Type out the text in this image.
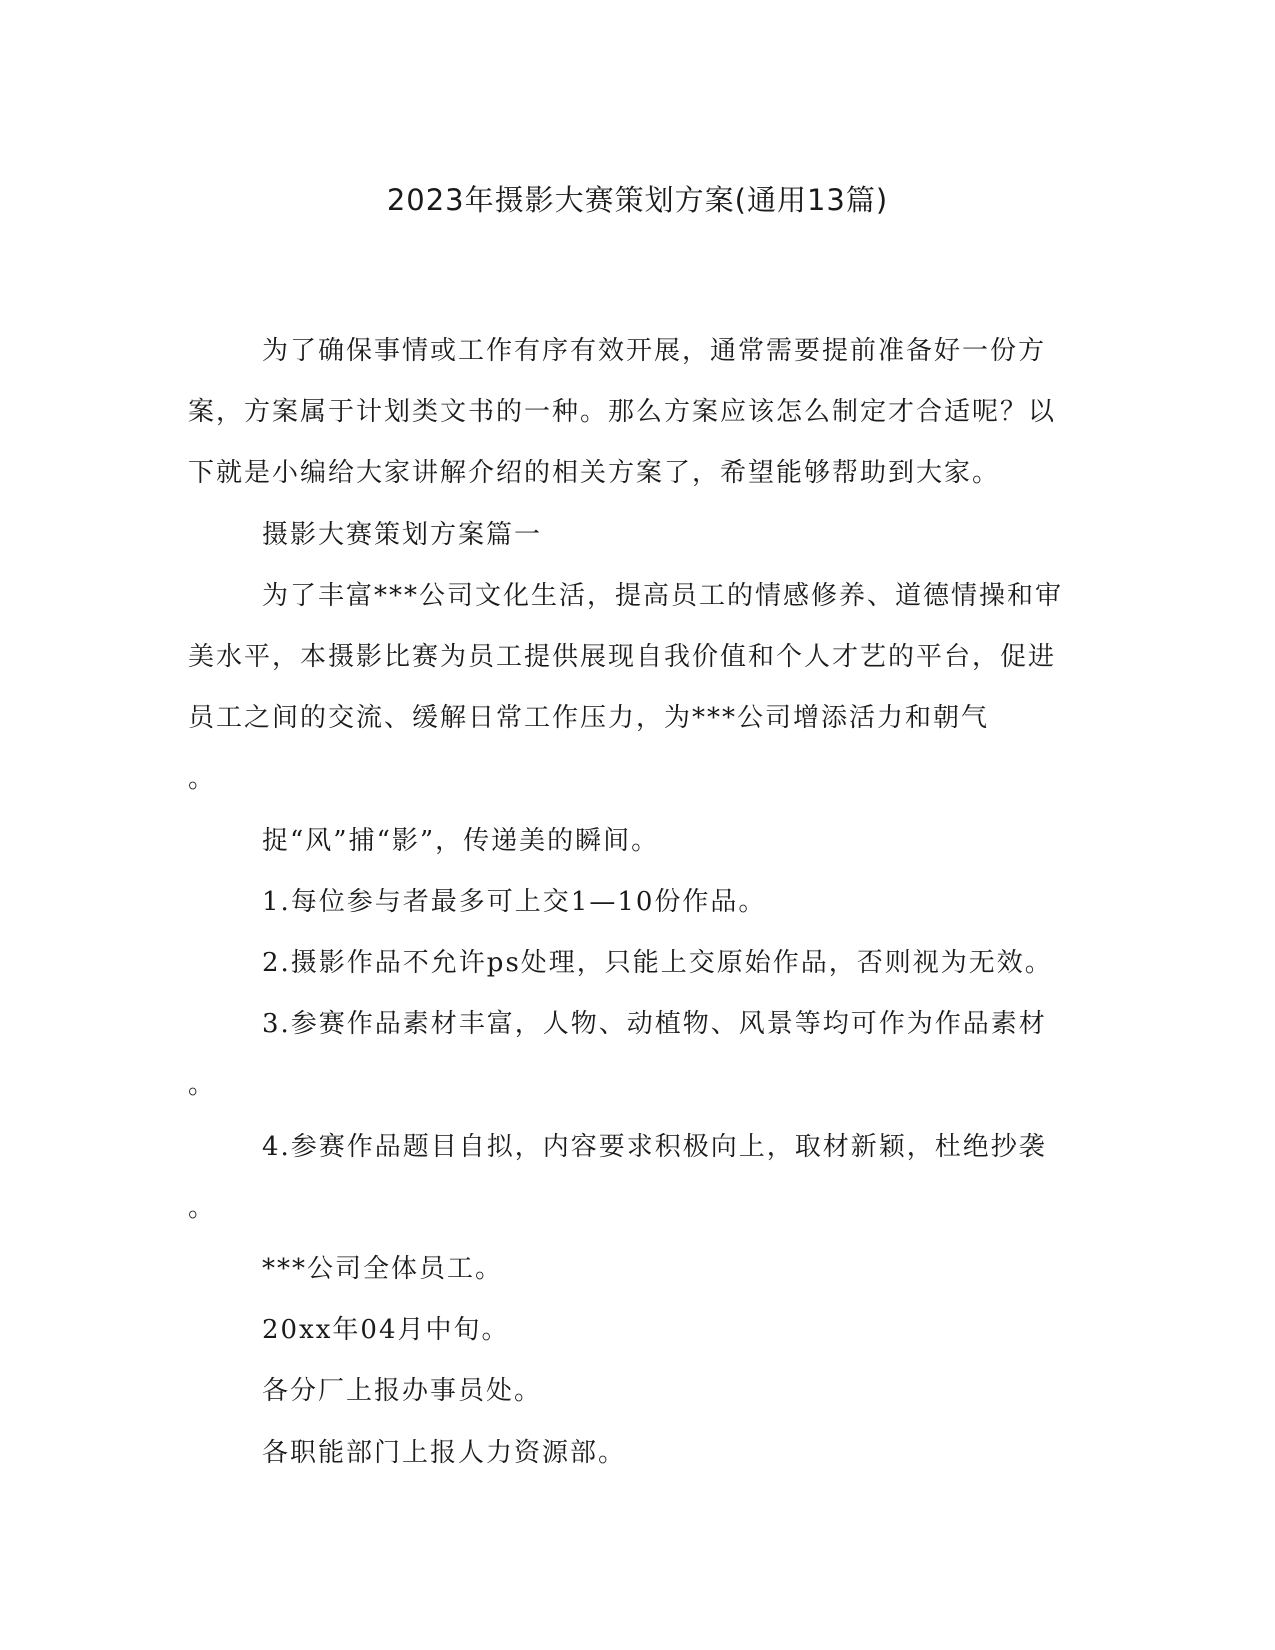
2023年摄影大赛策划方案(通用13篇)

为了确保事情或工作有序有效开展，通常需要提前准备好一份方案，方案属于计划类文书的一种。那么方案应该怎么制定才合适呢？以下就是小编给大家讲解介绍的相关方案了，希望能够帮助到大家。

摄影大赛策划方案篇一

为了丰富***公司文化生活，提高员工的情感修养、道德情操和审美水平，本摄影比赛为员工提供展现自我价值和个人才艺的平台，促进员工之间的交流、缓解日常工作压力，为***公司增添活力和朝气

。

捉“风”捕“影”，传递美的瞬间。

1.每位参与者最多可上交1—10份作品。

2.摄影作品不允许ps处理，只能上交原始作品，否则视为无效。

3.参赛作品素材丰富，人物、动植物、风景等均可作为作品素材

。

4.参赛作品题目自拟，内容要求积极向上，取材新颖，杜绝抄袭

。

***公司全体员工。

20xx年04月中旬。

各分厂上报办事员处。

各职能部门上报人力资源部。
